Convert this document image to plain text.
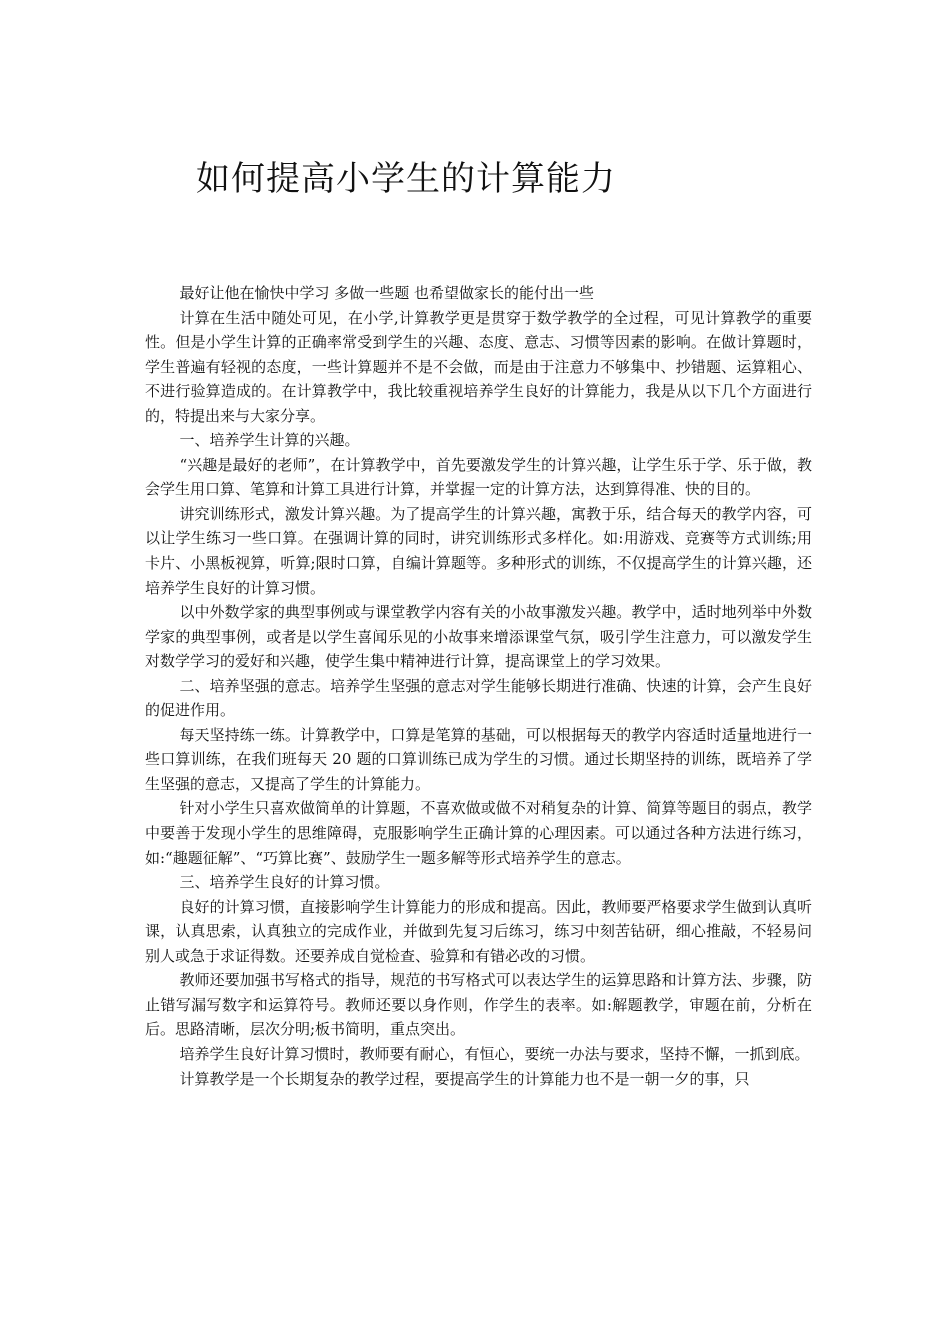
如何提高小学生的计算能力

最好让他在愉快中学习 多做一些题 也希望做家长的能付出一些

计算在生活中随处可见，在小学,计算教学更是贯穿于数学教学的全过程，可见计算教学的重要性。但是小学生计算的正确率常受到学生的兴趣、态度、意志、习惯等因素的影响。在做计算题时，学生普遍有轻视的态度，一些计算题并不是不会做，而是由于注意力不够集中、抄错题、运算粗心、不进行验算造成的。在计算教学中，我比较重视培养学生良好的计算能力，我是从以下几个方面进行的，特提出来与大家分享。

一、培养学生计算的兴趣。

“兴趣是最好的老师”，在计算教学中，首先要激发学生的计算兴趣，让学生乐于学、乐于做，教会学生用口算、笔算和计算工具进行计算，并掌握一定的计算方法，达到算得准、快的目的。

讲究训练形式，激发计算兴趣。为了提高学生的计算兴趣，寓教于乐，结合每天的教学内容，可以让学生练习一些口算。在强调计算的同时，讲究训练形式多样化。如:用游戏、竞赛等方式训练;用卡片、小黑板视算，听算;限时口算，自编计算题等。多种形式的训练，不仅提高学生的计算兴趣，还培养学生良好的计算习惯。

以中外数学家的典型事例或与课堂教学内容有关的小故事激发兴趣。教学中，适时地列举中外数学家的典型事例，或者是以学生喜闻乐见的小故事来增添课堂气氛，吸引学生注意力，可以激发学生对数学学习的爱好和兴趣，使学生集中精神进行计算，提高课堂上的学习效果。

二、培养坚强的意志。培养学生坚强的意志对学生能够长期进行准确、快速的计算，会产生良好的促进作用。

每天坚持练一练。计算教学中，口算是笔算的基础，可以根据每天的教学内容适时适量地进行一些口算训练，在我们班每天 20 题的口算训练已成为学生的习惯。通过长期坚持的训练，既培养了学生坚强的意志，又提高了学生的计算能力。

针对小学生只喜欢做简单的计算题，不喜欢做或做不对稍复杂的计算、简算等题目的弱点，教学中要善于发现小学生的思维障碍，克服影响学生正确计算的心理因素。可以通过各种方法进行练习，如:“趣题征解”、“巧算比赛”、鼓励学生一题多解等形式培养学生的意志。

三、培养学生良好的计算习惯。

良好的计算习惯，直接影响学生计算能力的形成和提高。因此，教师要严格要求学生做到认真听课，认真思索，认真独立的完成作业，并做到先复习后练习，练习中刻苦钻研，细心推敲，不轻易问别人或急于求证得数。还要养成自觉检查、验算和有错必改的习惯。

教师还要加强书写格式的指导，规范的书写格式可以表达学生的运算思路和计算方法、步骤，防止错写漏写数字和运算符号。教师还要以身作则，作学生的表率。如:解题教学，审题在前，分析在后。思路清晰，层次分明;板书简明，重点突出。

培养学生良好计算习惯时，教师要有耐心，有恒心，要统一办法与要求，坚持不懈，一抓到底。

计算教学是一个长期复杂的教学过程，要提高学生的计算能力也不是一朝一夕的事，只
